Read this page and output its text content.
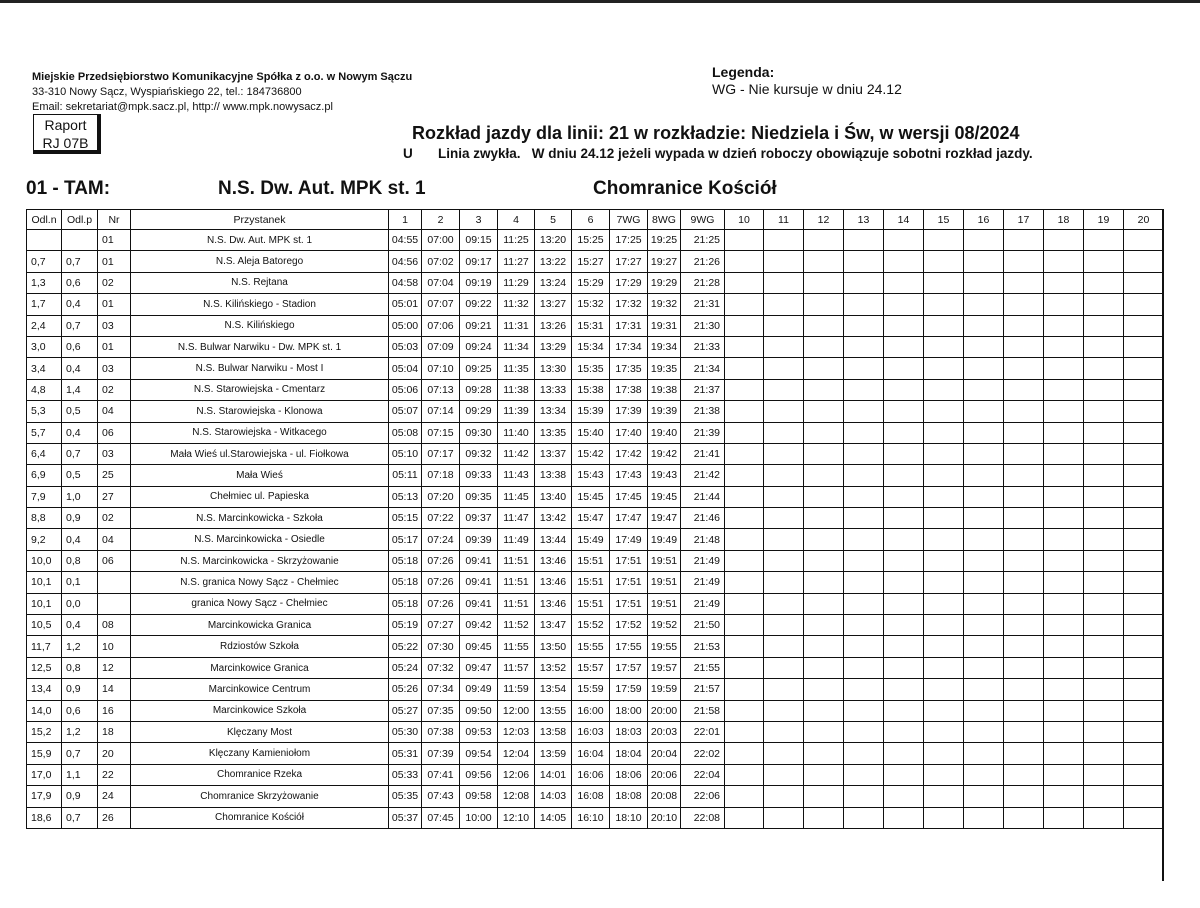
Miejskie Przedsiębiorstwo Komunikacyjne Spółka z o.o. w Nowym Sączu
33-310 Nowy Sącz, Wyspiańskiego 22, tel.: 184736800
Email: sekretariat@mpk.sacz.pl, http:// www.mpk.nowysacz.pl
Legenda:
WG - Nie kursuje w dniu 24.12
Raport
RJ 07B	Rozkład jazdy dla linii: 21 w rozkładzie: Niedziela i Św, w wersji 08/2024
U Linia zwykła.   W dniu 24.12 jeżeli wypada w dzień roboczy obowiązuje sobotni rozkład jazdy.
01 - TAM:	N.S. Dw. Aut. MPK st. 1	Chomranice Kościół
Odl.n	Odl.p	Nr	Przystanek	1	2	3	4	5	6	7WG	8WG	9WG	10	11	12	13	14	15	16	17	18	19	20
		01	N.S. Dw. Aut. MPK st. 1	04:55	07:00	09:15	11:25	13:20	15:25	17:25	19:25	21:25											
0,7	0,7	01	N.S. Aleja Batorego	04:56	07:02	09:17	11:27	13:22	15:27	17:27	19:27	21:26											
1,3	0,6	02	N.S. Rejtana	04:58	07:04	09:19	11:29	13:24	15:29	17:29	19:29	21:28											
1,7	0,4	01	N.S. Kilińskiego - Stadion	05:01	07:07	09:22	11:32	13:27	15:32	17:32	19:32	21:31											
2,4	0,7	03	N.S. Kilińskiego	05:00	07:06	09:21	11:31	13:26	15:31	17:31	19:31	21:30											
3,0	0,6	01	N.S. Bulwar Narwiku - Dw. MPK st. 1	05:03	07:09	09:24	11:34	13:29	15:34	17:34	19:34	21:33											
3,4	0,4	03	N.S. Bulwar Narwiku - Most I	05:04	07:10	09:25	11:35	13:30	15:35	17:35	19:35	21:34											
4,8	1,4	02	N.S. Starowiejska - Cmentarz	05:06	07:13	09:28	11:38	13:33	15:38	17:38	19:38	21:37											
5,3	0,5	04	N.S. Starowiejska - Klonowa	05:07	07:14	09:29	11:39	13:34	15:39	17:39	19:39	21:38											
5,7	0,4	06	N.S. Starowiejska - Witkacego	05:08	07:15	09:30	11:40	13:35	15:40	17:40	19:40	21:39											
6,4	0,7	03	Mała Wieś ul.Starowiejska - ul. Fiołkowa	05:10	07:17	09:32	11:42	13:37	15:42	17:42	19:42	21:41											
6,9	0,5	25	Mała Wieś	05:11	07:18	09:33	11:43	13:38	15:43	17:43	19:43	21:42											
7,9	1,0	27	Chełmiec ul. Papieska	05:13	07:20	09:35	11:45	13:40	15:45	17:45	19:45	21:44											
8,8	0,9	02	N.S. Marcinkowicka - Szkoła	05:15	07:22	09:37	11:47	13:42	15:47	17:47	19:47	21:46											
9,2	0,4	04	N.S. Marcinkowicka - Osiedle	05:17	07:24	09:39	11:49	13:44	15:49	17:49	19:49	21:48											
10,0	0,8	06	N.S. Marcinkowicka - Skrzyżowanie	05:18	07:26	09:41	11:51	13:46	15:51	17:51	19:51	21:49											
10,1	0,1		N.S. granica Nowy Sącz - Chełmiec	05:18	07:26	09:41	11:51	13:46	15:51	17:51	19:51	21:49											
10,1	0,0		granica Nowy Sącz - Chełmiec	05:18	07:26	09:41	11:51	13:46	15:51	17:51	19:51	21:49											
10,5	0,4	08	Marcinkowicka Granica	05:19	07:27	09:42	11:52	13:47	15:52	17:52	19:52	21:50											
11,7	1,2	10	Rdziostów Szkoła	05:22	07:30	09:45	11:55	13:50	15:55	17:55	19:55	21:53											
12,5	0,8	12	Marcinkowice Granica	05:24	07:32	09:47	11:57	13:52	15:57	17:57	19:57	21:55											
13,4	0,9	14	Marcinkowice Centrum	05:26	07:34	09:49	11:59	13:54	15:59	17:59	19:59	21:57											
14,0	0,6	16	Marcinkowice Szkoła	05:27	07:35	09:50	12:00	13:55	16:00	18:00	20:00	21:58											
15,2	1,2	18	Klęczany Most	05:30	07:38	09:53	12:03	13:58	16:03	18:03	20:03	22:01											
15,9	0,7	20	Klęczany Kamieniołom	05:31	07:39	09:54	12:04	13:59	16:04	18:04	20:04	22:02											
17,0	1,1	22	Chomranice Rzeka	05:33	07:41	09:56	12:06	14:01	16:06	18:06	20:06	22:04											
17,9	0,9	24	Chomranice Skrzyżowanie	05:35	07:43	09:58	12:08	14:03	16:08	18:08	20:08	22:06											
18,6	0,7	26	Chomranice Kościół	05:37	07:45	10:00	12:10	14:05	16:10	18:10	20:10	22:08											
